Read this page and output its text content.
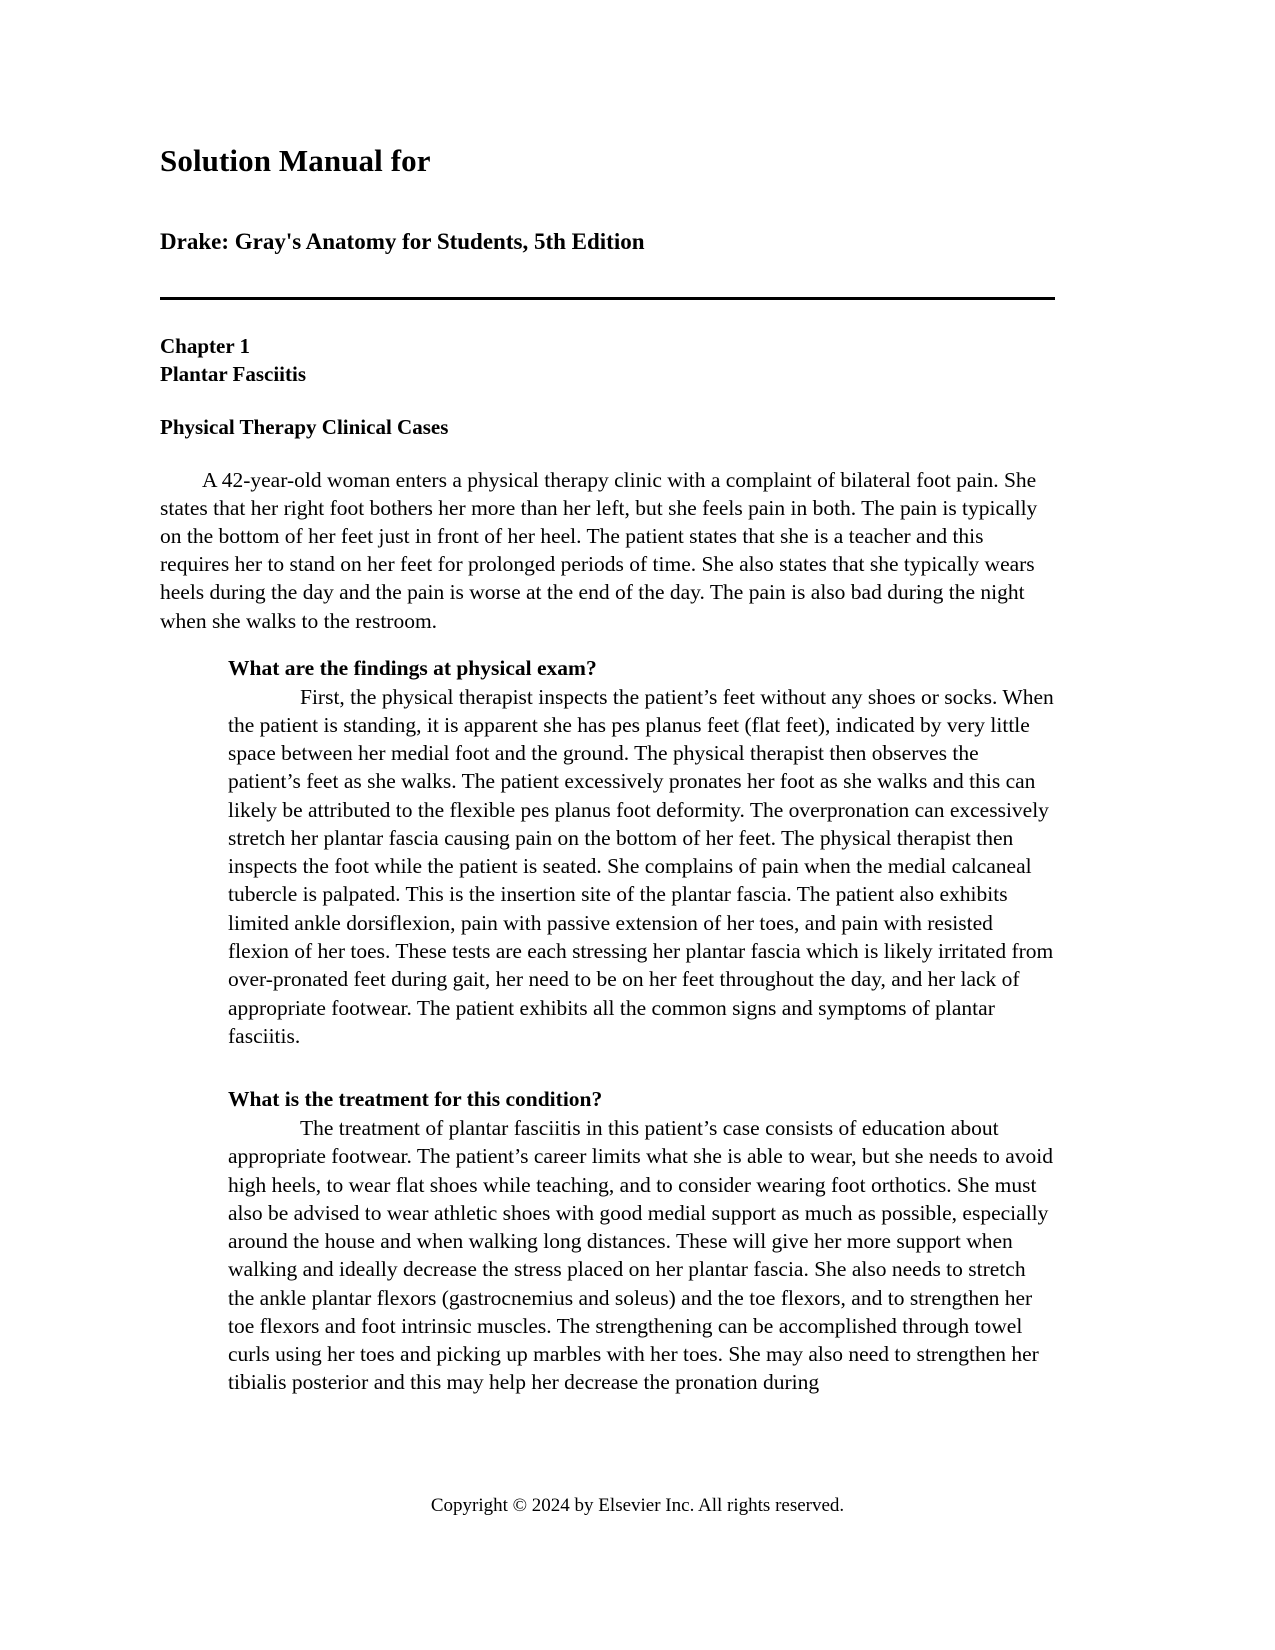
Solution Manual for
Drake: Gray's Anatomy for Students, 5th Edition
Chapter 1
Plantar Fasciitis
Physical Therapy Clinical Cases

A 42-year-old woman enters a physical therapy clinic with a complaint of bilateral foot pain. She states that her right foot bothers her more than her left, but she feels pain in both. The pain is typically on the bottom of her feet just in front of her heel. The patient states that she is a teacher and this requires her to stand on her feet for prolonged periods of time. She also states that she typically wears heels during the day and the pain is worse at the end of the day. The pain is also bad during the night when she walks to the restroom.

What are the findings at physical exam?

First, the physical therapist inspects the patient’s feet without any shoes or socks. When the patient is standing, it is apparent she has pes planus feet (flat feet), indicated by very little space between her medial foot and the ground. The physical therapist then observes the patient’s feet as she walks. The patient excessively pronates her foot as she walks and this can likely be attributed to the flexible pes planus foot deformity. The overpronation can excessively stretch her plantar fascia causing pain on the bottom of her feet. The physical therapist then inspects the foot while the patient is seated. She complains of pain when the medial calcaneal tubercle is palpated. This is the insertion site of the plantar fascia. The patient also exhibits limited ankle dorsiflexion, pain with passive extension of her toes, and pain with resisted flexion of her toes. These tests are each stressing her plantar fascia which is likely irritated from over-pronated feet during gait, her need to be on her feet throughout the day, and her lack of appropriate footwear. The patient exhibits all the common signs and symptoms of plantar fasciitis.

What is the treatment for this condition?

The treatment of plantar fasciitis in this patient’s case consists of education about appropriate footwear. The patient’s career limits what she is able to wear, but she needs to avoid high heels, to wear flat shoes while teaching, and to consider wearing foot orthotics. She must also be advised to wear athletic shoes with good medial support as much as possible, especially around the house and when walking long distances. These will give her more support when walking and ideally decrease the stress placed on her plantar fascia. She also needs to stretch the ankle plantar flexors (gastrocnemius and soleus) and the toe flexors, and to strengthen her toe flexors and foot intrinsic muscles. The strengthening can be accomplished through towel curls using her toes and picking up marbles with her toes. She may also need to strengthen her tibialis posterior and this may help her decrease the pronation during

Copyright © 2024 by Elsevier Inc. All rights reserved.
